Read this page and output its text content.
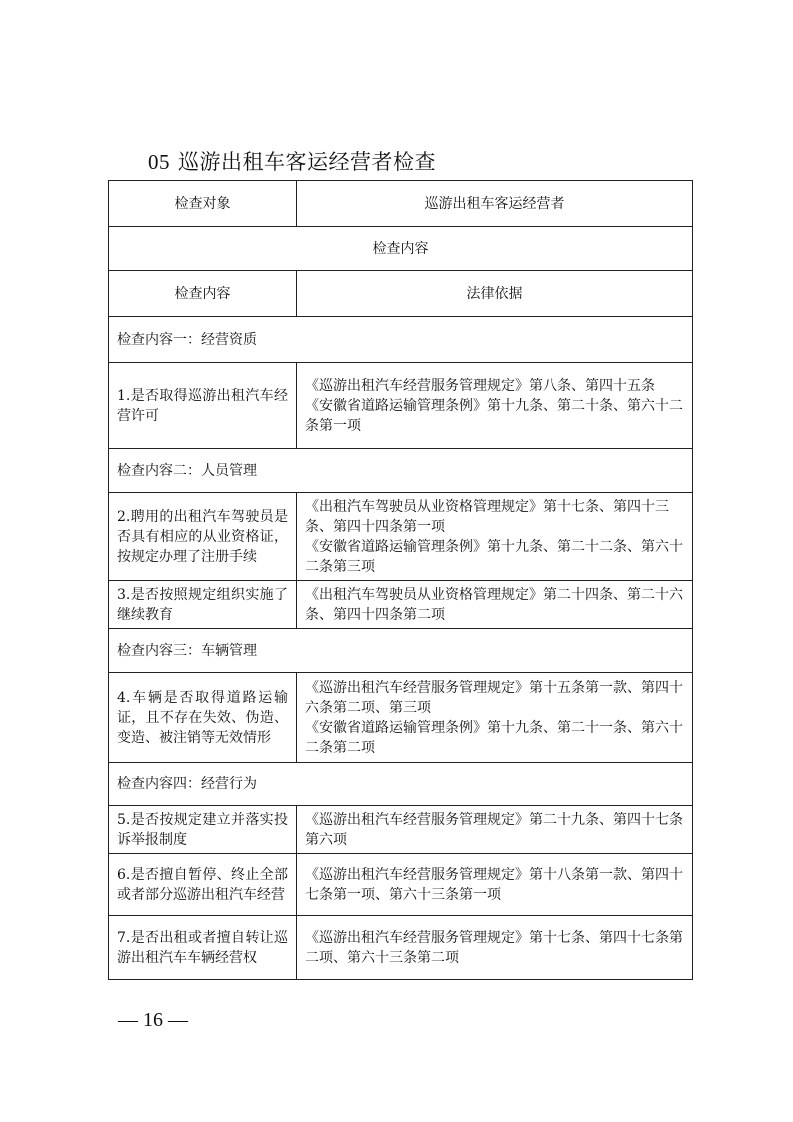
05 巡游出租车客运经营者检查
检查对象	巡游出租车客运经营者
检查内容	
检查内容	法律依据
检查内容一：经营资质	
1.是否取得巡游出租汽车经营许可	《巡游出租汽车经营服务管理规定》第八条、第四十五条
《安徽省道路运输管理条例》第十九条、第二十条、第六十二条第一项

检查内容二：人员管理	
2.聘用的出租汽车驾驶员是否具有相应的从业资格证，按规定办理了注册手续	《出租汽车驾驶员从业资格管理规定》第十七条、第四十三条、第四十四条第一项
《安徽省道路运输管理条例》第十九条、第二十二条、第六十二条第三项

3.是否按照规定组织实施了继续教育	《出租汽车驾驶员从业资格管理规定》第二十四条、第二十六条、第四十四条第二项

检查内容三：车辆管理	
4.车辆是否取得道路运输证，且不存在失效、伪造、变造、被注销等无效情形	《巡游出租汽车经营服务管理规定》第十五条第一款、第四十六条第二项、第三项
《安徽省道路运输管理条例》第十九条、第二十一条、第六十二条第二项

检查内容四：经营行为	
5.是否按规定建立并落实投诉举报制度	《巡游出租汽车经营服务管理规定》第二十九条、第四十七条第六项

6.是否擅自暂停、终止全部或者部分巡游出租汽车经营	《巡游出租汽车经营服务管理规定》第十八条第一款、第四十七条第一项、第六十三条第一项

7.是否出租或者擅自转让巡游出租汽车车辆经营权	《巡游出租汽车经营服务管理规定》第十七条、第四十七条第二项、第六十三条第二项
— 16 —
